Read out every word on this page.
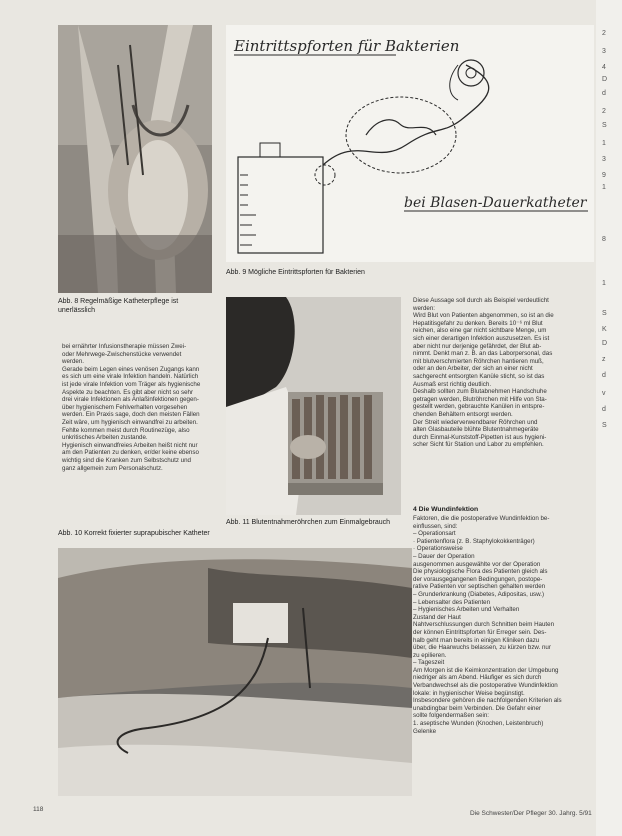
Abb. 8 Regelmäßige Katheterpflege ist unerlässlich
Eintrittspforten für Bakterien
bei Blasen-Dauerkatheter
Abb. 9 Mögliche Eintrittspforten für Bakterien

bei ernährter Infusionstherapie müssen Zwei-

oder Mehrwege-Zwischenstücke verwendet

werden.

Gerade beim Legen eines venösen Zugangs kann

es sich um eine virale Infektion handeln. Natürlich

ist jede virale Infektion vom Träger als hygienische

Aspekte zu beachten. Es gibt aber nicht so sehr

drei virale Infektionen als Anlaßinfektionen gegen-

über hygienischem Fehlverhalten vorgesehen

werden. Ein Praxis sage, doch den meisten Fällen

Zeit wäre, um hygienisch einwandfrei zu arbeiten.

Fehlte kommen meist durch Routinezüge, also

unkritisches Arbeiten zustande.

Hygienisch einwandfreies Arbeiten heißt nicht nur

am den Patienten zu denken, er/der keine ebenso

wichtig sind die Kranken zum Selbstschutz und

ganz allgemein zum Personalschutz.

Abb. 11 Blutentnahmeröhrchen zum Einmalgebrauch

Diese Aussage soll durch als Beispiel verdeutlicht

werden:

Wird Blut von Patienten abgenommen, so ist an die

Hepatitisgefahr zu denken. Bereits 10⁻⁶ ml Blut

reichen, also eine gar nicht sichtbare Menge, um

sich einer derartigen Infektion auszusetzen. Es ist

aber nicht nur derjenige gefährdet, der Blut ab-

nimmt. Denkt man z. B. an das Laborpersonal, das

mit blutverschmierten Röhrchen hantieren muß,

oder an den Arbeiter, der sich an einer nicht

sachgerecht entsorgten Kanüle sticht, so ist das

Ausmaß erst richtig deutlich.

Deshalb sollten zum Blutabnehmen Handschuhe

getragen werden, Blutröhrchen mit Hilfe von Sta-

gestellt werden, gebrauchte Kanülen in entspre-

chenden Behältern entsorgt werden.

Der Streit wiederverwendbarer Röhrchen und

alten Glasbauteile blühte Blutentnahmegeräte

durch Einmal-Kunststoff-Pipetten ist aus hygieni-

scher Sicht für Station und Labor zu empfehlen.

4 Die Wundinfektion

Faktoren, die die postoperative Wundinfektion be-

einflussen, sind:

– Operationsart

· Patientenflora (z. B. Staphylokokkenträger)

· Operationsweise

– Dauer der Operation

ausgenommen ausgewählte vor der Operation

Die physiologische Flora des Patienten gleich als

der vorausgegangenen Bedingungen, postope-

rative Patienten vor septischen gehalten werden

– Grunderkrankung (Diabetes, Adipositas, usw.)

– Lebensalter des Patienten

– Hygienisches Arbeiten und Verhalten

Zustand der Haut

Nahtverschlussungen durch Schnitten beim Hauten

der können Eintrittspforten für Erreger sein. Des-

halb geht man bereits in einigen Kliniken dazu

über, die Haarwuchs belassen, zu kürzen bzw. nur

zu epilieren.

– Tageszeit

Am Morgen ist die Keimkonzentration der Umgebung

niedriger als am Abend. Häufiger es sich durch

Verbandwechsel als die postoperative Wundinfektion

lokale: in hygienischer Weise begünstigt.

Insbesondere gehören die nachfolgenden Kriterien als

unabdingbar beim Verbinden. Die Gefahr einer

sollte folgendermaßen sein:

1. aseptische Wunden (Knochen, Leistenbruch)

Gelenke

Abb. 10 Korrekt fixierter suprapubischer Katheter
2
3
4
D
d
2
S
1
3
9
1
8
1
S
K
D
z
d
v
d
S
118
Die Schwester/Der Pfleger 30. Jahrg. 5/91
